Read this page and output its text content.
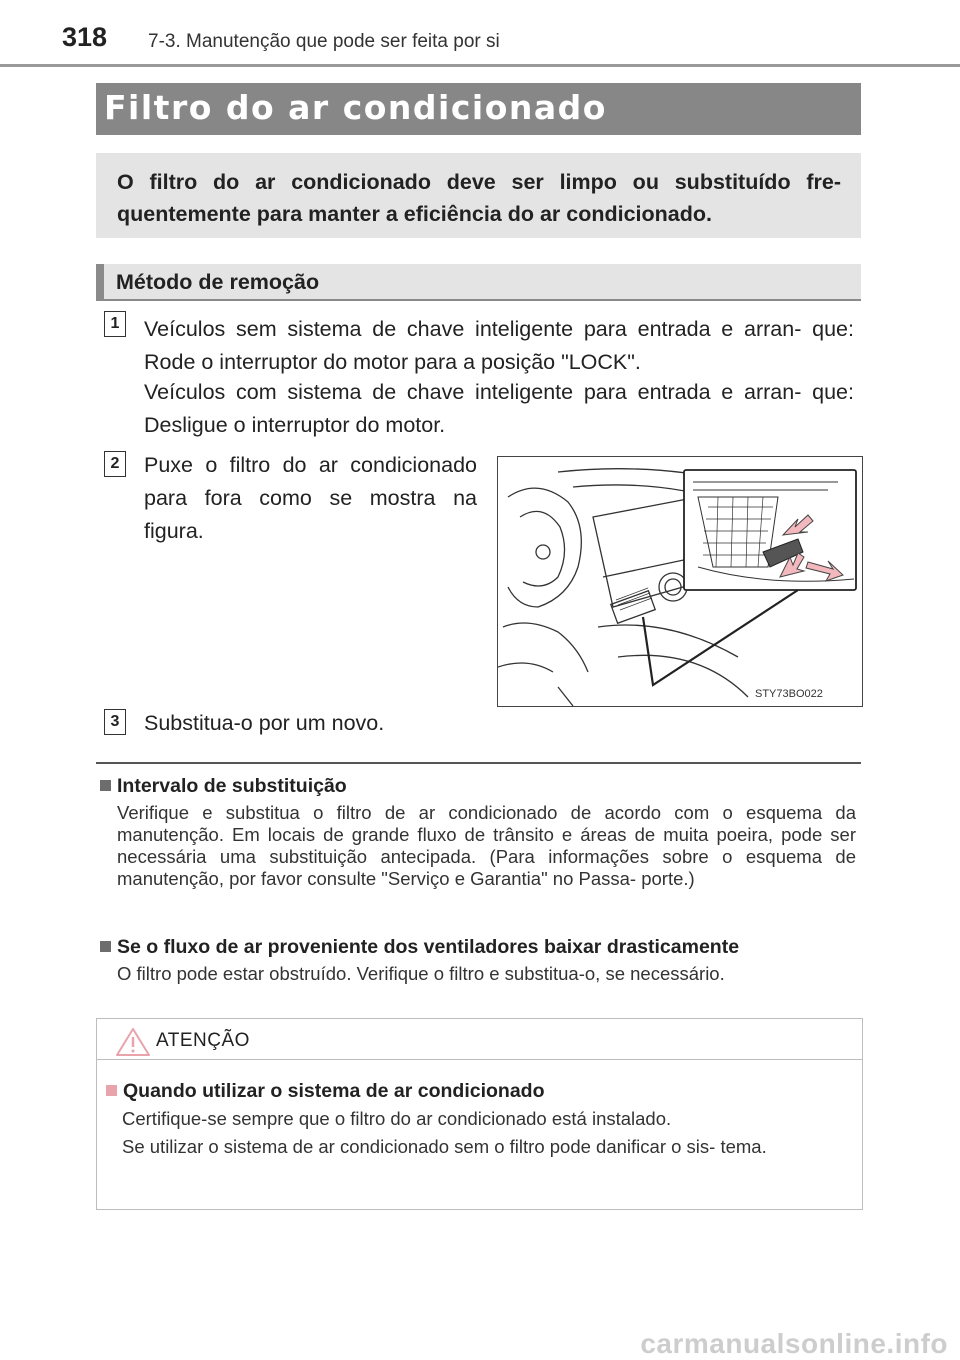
318 7-3. Manutenção que pode ser feita por si
Filtro do ar condicionado
O filtro do ar condicionado deve ser limpo ou substituído fre- quentemente para manter a eficiência do ar condicionado.
Método de remoção
1	Veículos sem sistema de chave inteligente para entrada e arran- que: Rode o interruptor do motor para a posição "LOCK".
Veículos com sistema de chave inteligente para entrada e arran- que: Desligue o interruptor do motor.
2	Puxe o filtro do ar condicionado para fora como se mostra na figura.
STY73BO022
3	Substitua-o por um novo.
Intervalo de substituição
Verifique e substitua o filtro de ar condicionado de acordo com o esquema da manutenção. Em locais de grande fluxo de trânsito e áreas de muita poeira, pode ser necessária uma substituição antecipada. (Para informações sobre o esquema de manutenção, por favor consulte "Serviço e Garantia" no Passa- porte.)
Se o fluxo de ar proveniente dos ventiladores baixar drasticamente
O filtro pode estar obstruído. Verifique o filtro e substitua-o, se necessário.
ATENÇÃO
Quando utilizar o sistema de ar condicionado
Certifique-se sempre que o filtro do ar condicionado está instalado.
Se utilizar o sistema de ar condicionado sem o filtro pode danificar o sis- tema.
carmanualsonline.info
